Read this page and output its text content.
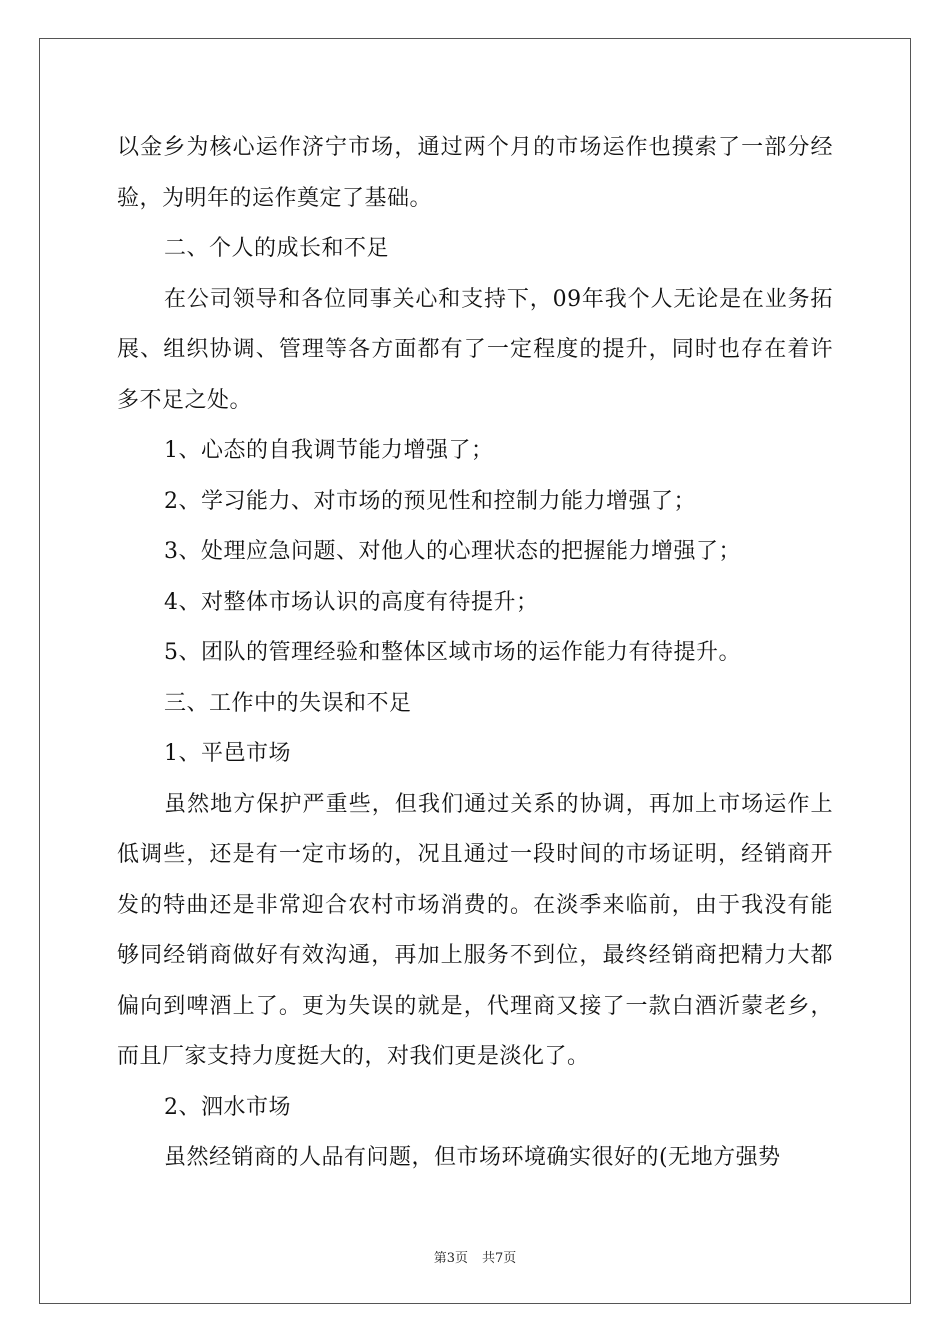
以金乡为核心运作济宁市场，通过两个月的市场运作也摸索了一部分经验，为明年的运作奠定了基础。

二、个人的成长和不足

在公司领导和各位同事关心和支持下，09年我个人无论是在业务拓展、组织协调、管理等各方面都有了一定程度的提升，同时也存在着许多不足之处。

1、心态的自我调节能力增强了；

2、学习能力、对市场的预见性和控制力能力增强了；

3、处理应急问题、对他人的心理状态的把握能力增强了；

4、对整体市场认识的高度有待提升；

5、团队的管理经验和整体区域市场的运作能力有待提升。

三、工作中的失误和不足

1、平邑市场

虽然地方保护严重些，但我们通过关系的协调，再加上市场运作上低调些，还是有一定市场的，况且通过一段时间的市场证明，经销商开发的特曲还是非常迎合农村市场消费的。在淡季来临前，由于我没有能够同经销商做好有效沟通，再加上服务不到位，最终经销商把精力大都偏向到啤酒上了。更为失误的就是，代理商又接了一款白酒沂蒙老乡，而且厂家支持力度挺大的，对我们更是淡化了。

2、泗水市场

虽然经销商的人品有问题，但市场环境确实很好的(无地方强势

第3页 共7页
